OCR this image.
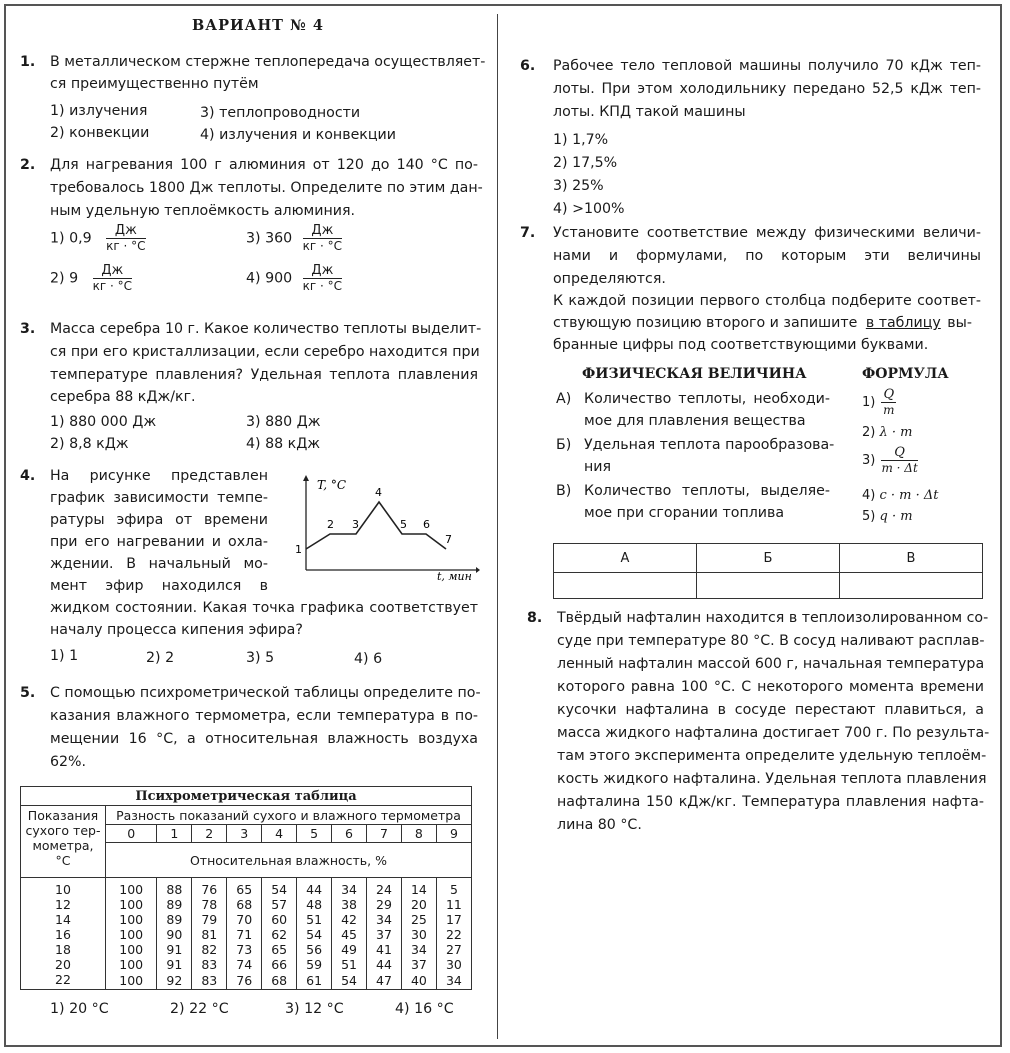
ВАРИАНТ № 4
1. В металлическом стержне теплопередача осуществляет-
ся преимущественно путём
1) излучения
2) конвекции
3) теплопроводности
4) излучения и конвекции
2. Для нагревания 100 г алюминия от 120 до 140 °С по-
требовалось 1800 Дж теплоты. Определите по этим дан-
ным удельную теплоёмкость алюминия.
1) $0,9 \frac{Дж}{кг \cdot ^\circ С}$
2) $9 \frac{Дж}{кг \cdot ^\circ С}$
3) $360 \frac{Дж}{кг \cdot ^\circ С}$
4) $900 \frac{Дж}{кг \cdot ^\circ С}$
3. Масса серебра 10 г. Какое количество теплоты выделит-
ся при его кристаллизации, если серебро находится при
температуре плавления? Удельная теплота плавления
серебра 88 кДж/кг.
1) 880 000 Дж
2) 8,8 кДж
3) 880 Дж
4) 88 кДж
4. На рисунке представлен
график зависимости темпе-
ратуры эфира от времени
при его нагревании и охла-
ждении. В начальный мо-
мент эфир находился в
жидком состоянии. Какая точка графика соответствует
началу процесса кипения эфира?
T, °С
t, мин
1
2 3
4
5 6
7
1) 1	2) 2	3) 5	4) 6
5. С помощью психрометрической таблицы определите по-
казания влажного термометра, если температура в по-
мещении 16 °С, а относительная влажность воздуха
62%.
Психрометрическая таблица										

Показания
сухого тер-
мометра,
°С	Разность показаний сухого и влажного термометра									
	0	1	2	3	4	5	6	7	8	9
	Относительная влажность, %									
10	100	88	76	65	54	44	34	24	14	5
12	100	89	78	68	57	48	38	29	20	11
14	100	89	79	70	60	51	42	34	25	17
16	100	90	81	71	62	54	45	37	30	22
18	100	91	82	73	65	56	49	41	34	27
20	100	91	83	74	66	59	51	44	37	30
22	100	92	83	76	68	61	54	47	40	34
1) 20 °С	2) 22 °С	3) 12 °С	4) 16 °С
6. Рабочее тело тепловой машины получило 70 кДж теп-
лоты. При этом холодильнику передано 52,5 кДж теп-
лоты. КПД такой машины
1) 1,7%
2) 17,5%
3) 25%
4) >100%
7. Установите соответствие между физическими величи-
нами и формулами, по которым эти величины
определяются.
К каждой позиции первого столбца подберите соответ-
ствующую позицию второго и запишите в таблицу вы-
бранные цифры под соответствующими буквами.
ФИЗИЧЕСКАЯ ВЕЛИЧИНА	ФОРМУЛА
А) Количество теплоты, необходи-
мое для плавления вещества
Б) Удельная теплота парообразова-
ния
В) Количество теплоты, выделяе-
мое при сгорании топлива
$1) \frac{Q}{m}$
2) λ · m
$3) \frac{Q}{m \cdot \Delta t}$
4) c · m · Δt
5) q · m
А	Б	В

8. Твёрдый нафталин находится в теплоизолированном со-
суде при температуре 80 °С. В сосуд наливают расплав-
ленный нафталин массой 600 г, начальная температура
которого равна 100 °С. С некоторого момента времени
кусочки нафталина в сосуде перестают плавиться, а
масса жидкого нафталина достигает 700 г. По результа-
там этого эксперимента определите удельную теплоём-
кость жидкого нафталина. Удельная теплота плавления
нафталина 150 кДж/кг. Температура плавления нафта-
лина 80 °С.
